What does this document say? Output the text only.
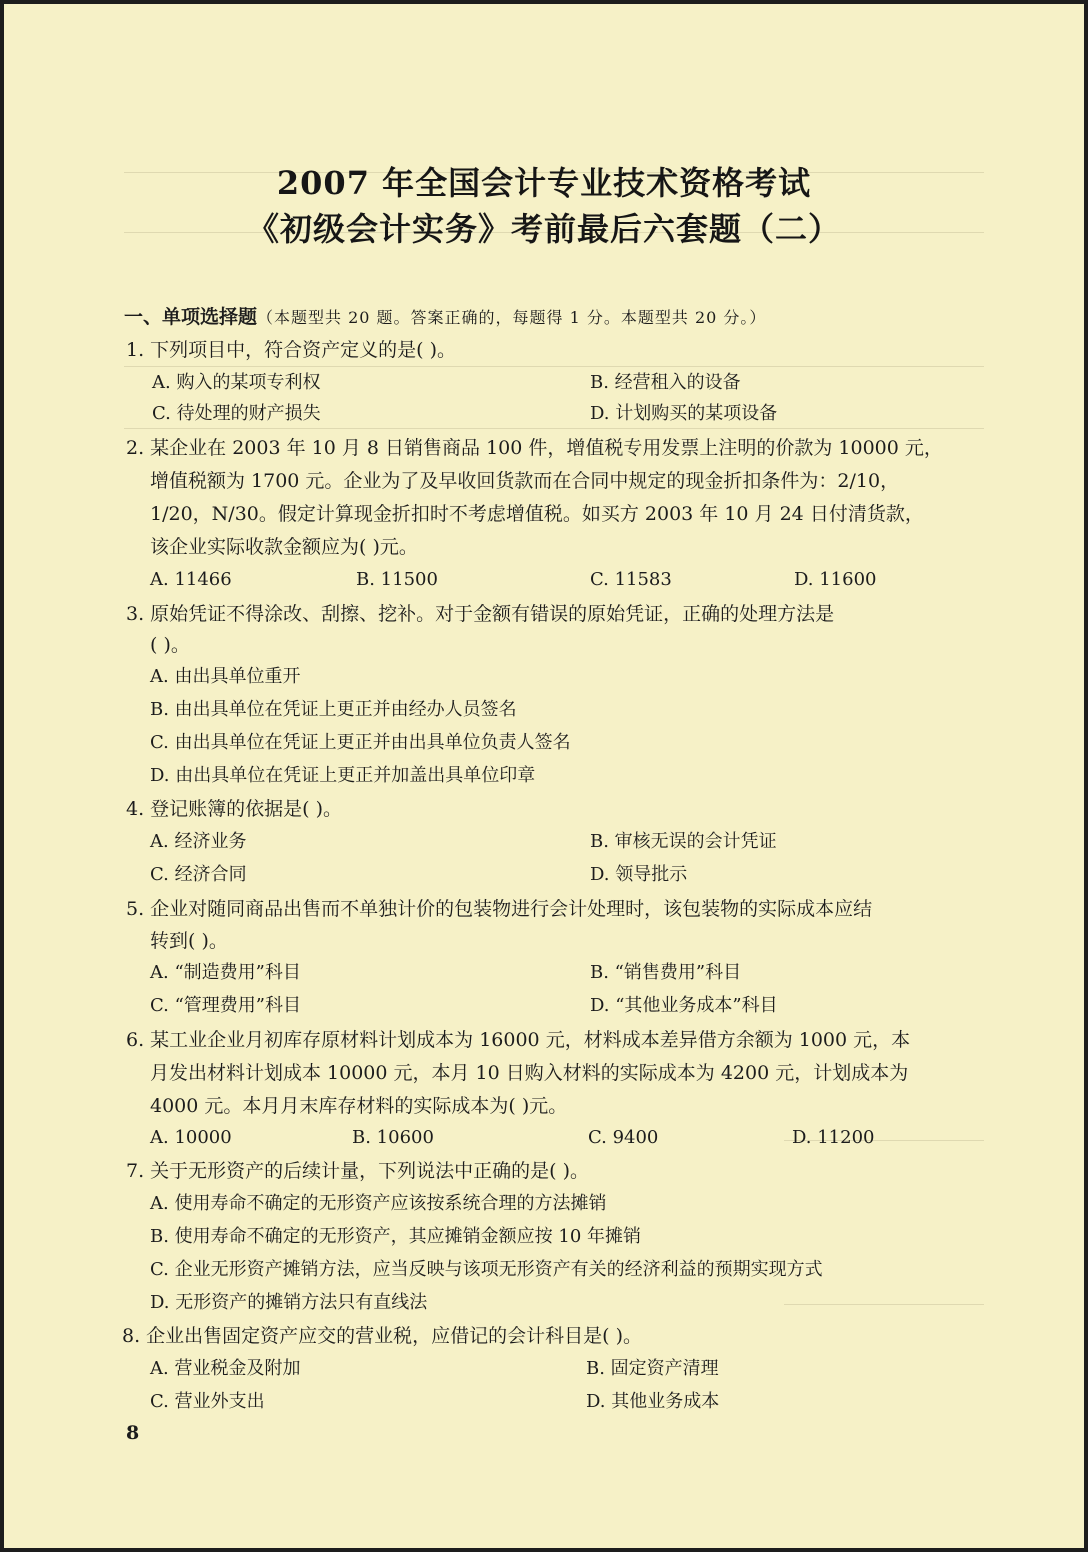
2007 年全国会计专业技术资格考试
《初级会计实务》考前最后六套题（二）
一、单项选择题（本题型共 20 题。答案正确的，每题得 1 分。本题型共 20 分。）
1. 下列项目中，符合资产定义的是( )。
A. 购入的某项专利权	B. 经营租入的设备
C. 待处理的财产损失	D. 计划购买的某项设备
2. 某企业在 2003 年 10 月 8 日销售商品 100 件，增值税专用发票上注明的价款为 10000 元，
增值税额为 1700 元。企业为了及早收回货款而在合同中规定的现金折扣条件为：2/10，
1/20，N/30。假定计算现金折扣时不考虑增值税。如买方 2003 年 10 月 24 日付清货款，
该企业实际收款金额应为( )元。
A. 11466	B. 11500	C. 11583	D. 11600
3. 原始凭证不得涂改、刮擦、挖补。对于金额有错误的原始凭证，正确的处理方法是
( )。
A. 由出具单位重开
B. 由出具单位在凭证上更正并由经办人员签名
C. 由出具单位在凭证上更正并由出具单位负责人签名
D. 由出具单位在凭证上更正并加盖出具单位印章
4. 登记账簿的依据是( )。
A. 经济业务	B. 审核无误的会计凭证
C. 经济合同	D. 领导批示
5. 企业对随同商品出售而不单独计价的包装物进行会计处理时，该包装物的实际成本应结
转到( )。
A. “制造费用”科目	B. “销售费用”科目
C. “管理费用”科目	D. “其他业务成本”科目
6. 某工业企业月初库存原材料计划成本为 16000 元，材料成本差异借方余额为 1000 元，本
月发出材料计划成本 10000 元，本月 10 日购入材料的实际成本为 4200 元，计划成本为
4000 元。本月月末库存材料的实际成本为( )元。
A. 10000	B. 10600	C. 9400	D. 11200
7. 关于无形资产的后续计量，下列说法中正确的是( )。
A. 使用寿命不确定的无形资产应该按系统合理的方法摊销
B. 使用寿命不确定的无形资产，其应摊销金额应按 10 年摊销
C. 企业无形资产摊销方法，应当反映与该项无形资产有关的经济利益的预期实现方式
D. 无形资产的摊销方法只有直线法
8. 企业出售固定资产应交的营业税，应借记的会计科目是( )。
A. 营业税金及附加	B. 固定资产清理
C. 营业外支出	D. 其他业务成本
8
